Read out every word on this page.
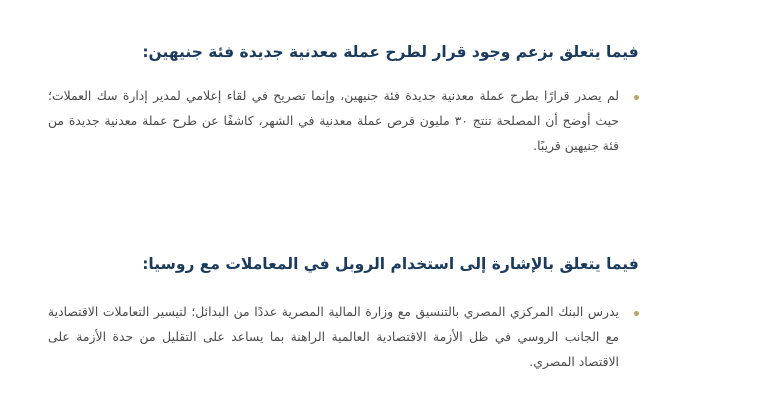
فيما يتعلق بزعم وجود قرار لطرح عملة معدنية جديدة فئة جنيهين:
لم يصدر قرارًا بطرح عملة معدنية جديدة فئة جنيهين، وإنما تصريح في لقاء إعلامي لمدير إدارة سك العملات؛ حيث أوضح أن المصلحة تنتج ٣٠ مليون قرص عملة معدنية في الشهر، كاشفًا عن طرح عملة معدنية جديدة من فئة جنيهين قريبًا.
فيما يتعلق بالإشارة إلى استخدام الروبل في المعاملات مع روسيا:
يدرس البنك المركزي المصري بالتنسيق مع وزارة المالية المصرية عددًا من البدائل؛ لتيسير التعاملات الاقتصادية مع الجانب الروسي في ظل الأزمة الاقتصادية العالمية الراهنة بما يساعد على التقليل من حدة الأزمة على الاقتصاد المصري.
